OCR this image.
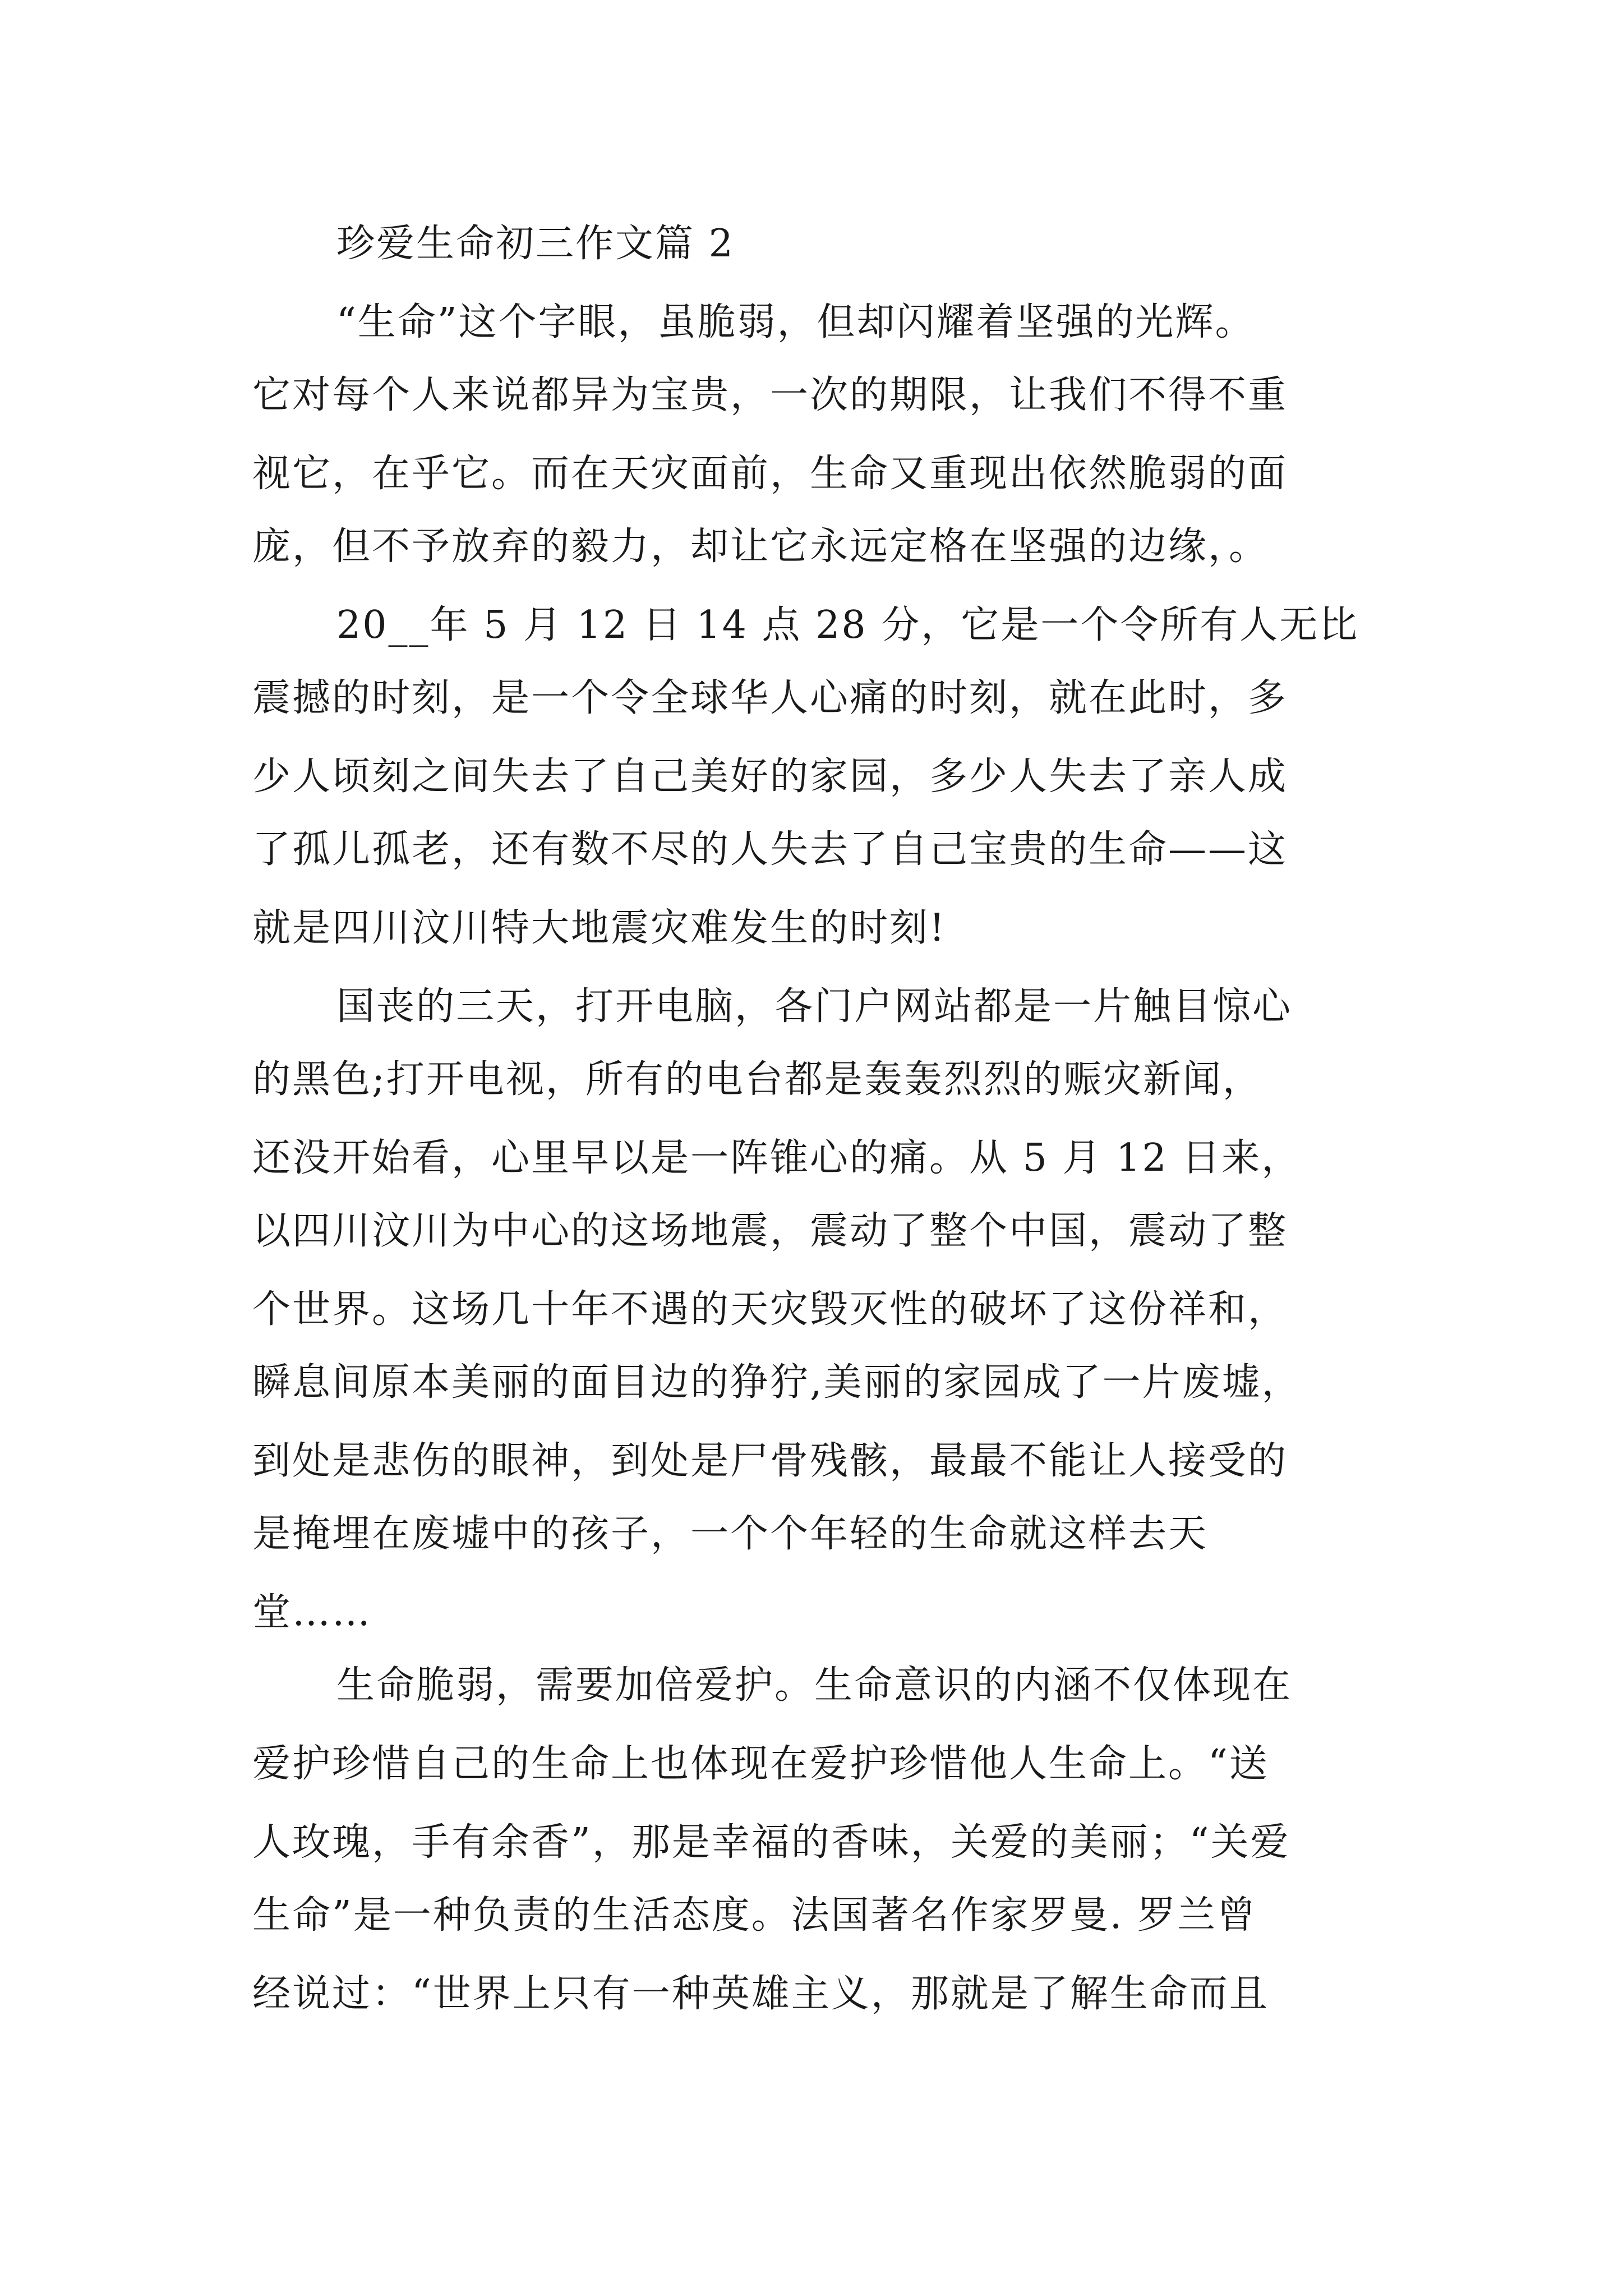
珍爱生命初三作文篇 2
“生命”这个字眼，虽脆弱，但却闪耀着坚强的光辉。
它对每个人来说都异为宝贵，一次的期限，让我们不得不重
视它，在乎它。而在天灾面前，生命又重现出依然脆弱的面
庞，但不予放弃的毅力，却让它永远定格在坚强的边缘，。
20__年 5 月 12 日 14 点 28 分，它是一个令所有人无比
震撼的时刻，是一个令全球华人心痛的时刻，就在此时，多
少人顷刻之间失去了自己美好的家园，多少人失去了亲人成
了孤儿孤老，还有数不尽的人失去了自己宝贵的生命——这
就是四川汶川特大地震灾难发生的时刻!
国丧的三天，打开电脑，各门户网站都是一片触目惊心
的黑色;打开电视，所有的电台都是轰轰烈烈的赈灾新闻，
还没开始看，心里早以是一阵锥心的痛。从 5 月 12 日来，
以四川汶川为中心的这场地震，震动了整个中国，震动了整
个世界。这场几十年不遇的天灾毁灭性的破坏了这份祥和，
瞬息间原本美丽的面目边的狰狞,美丽的家园成了一片废墟，
到处是悲伤的眼神，到处是尸骨残骸，最最不能让人接受的
是掩埋在废墟中的孩子，一个个年轻的生命就这样去天
堂……
生命脆弱，需要加倍爱护。生命意识的内涵不仅体现在
爱护珍惜自己的生命上也体现在爱护珍惜他人生命上。“送
人玫瑰，手有余香”，那是幸福的香味，关爱的美丽；“关爱
生命”是一种负责的生活态度。法国著名作家罗曼. 罗兰曾
经说过：“世界上只有一种英雄主义，那就是了解生命而且
